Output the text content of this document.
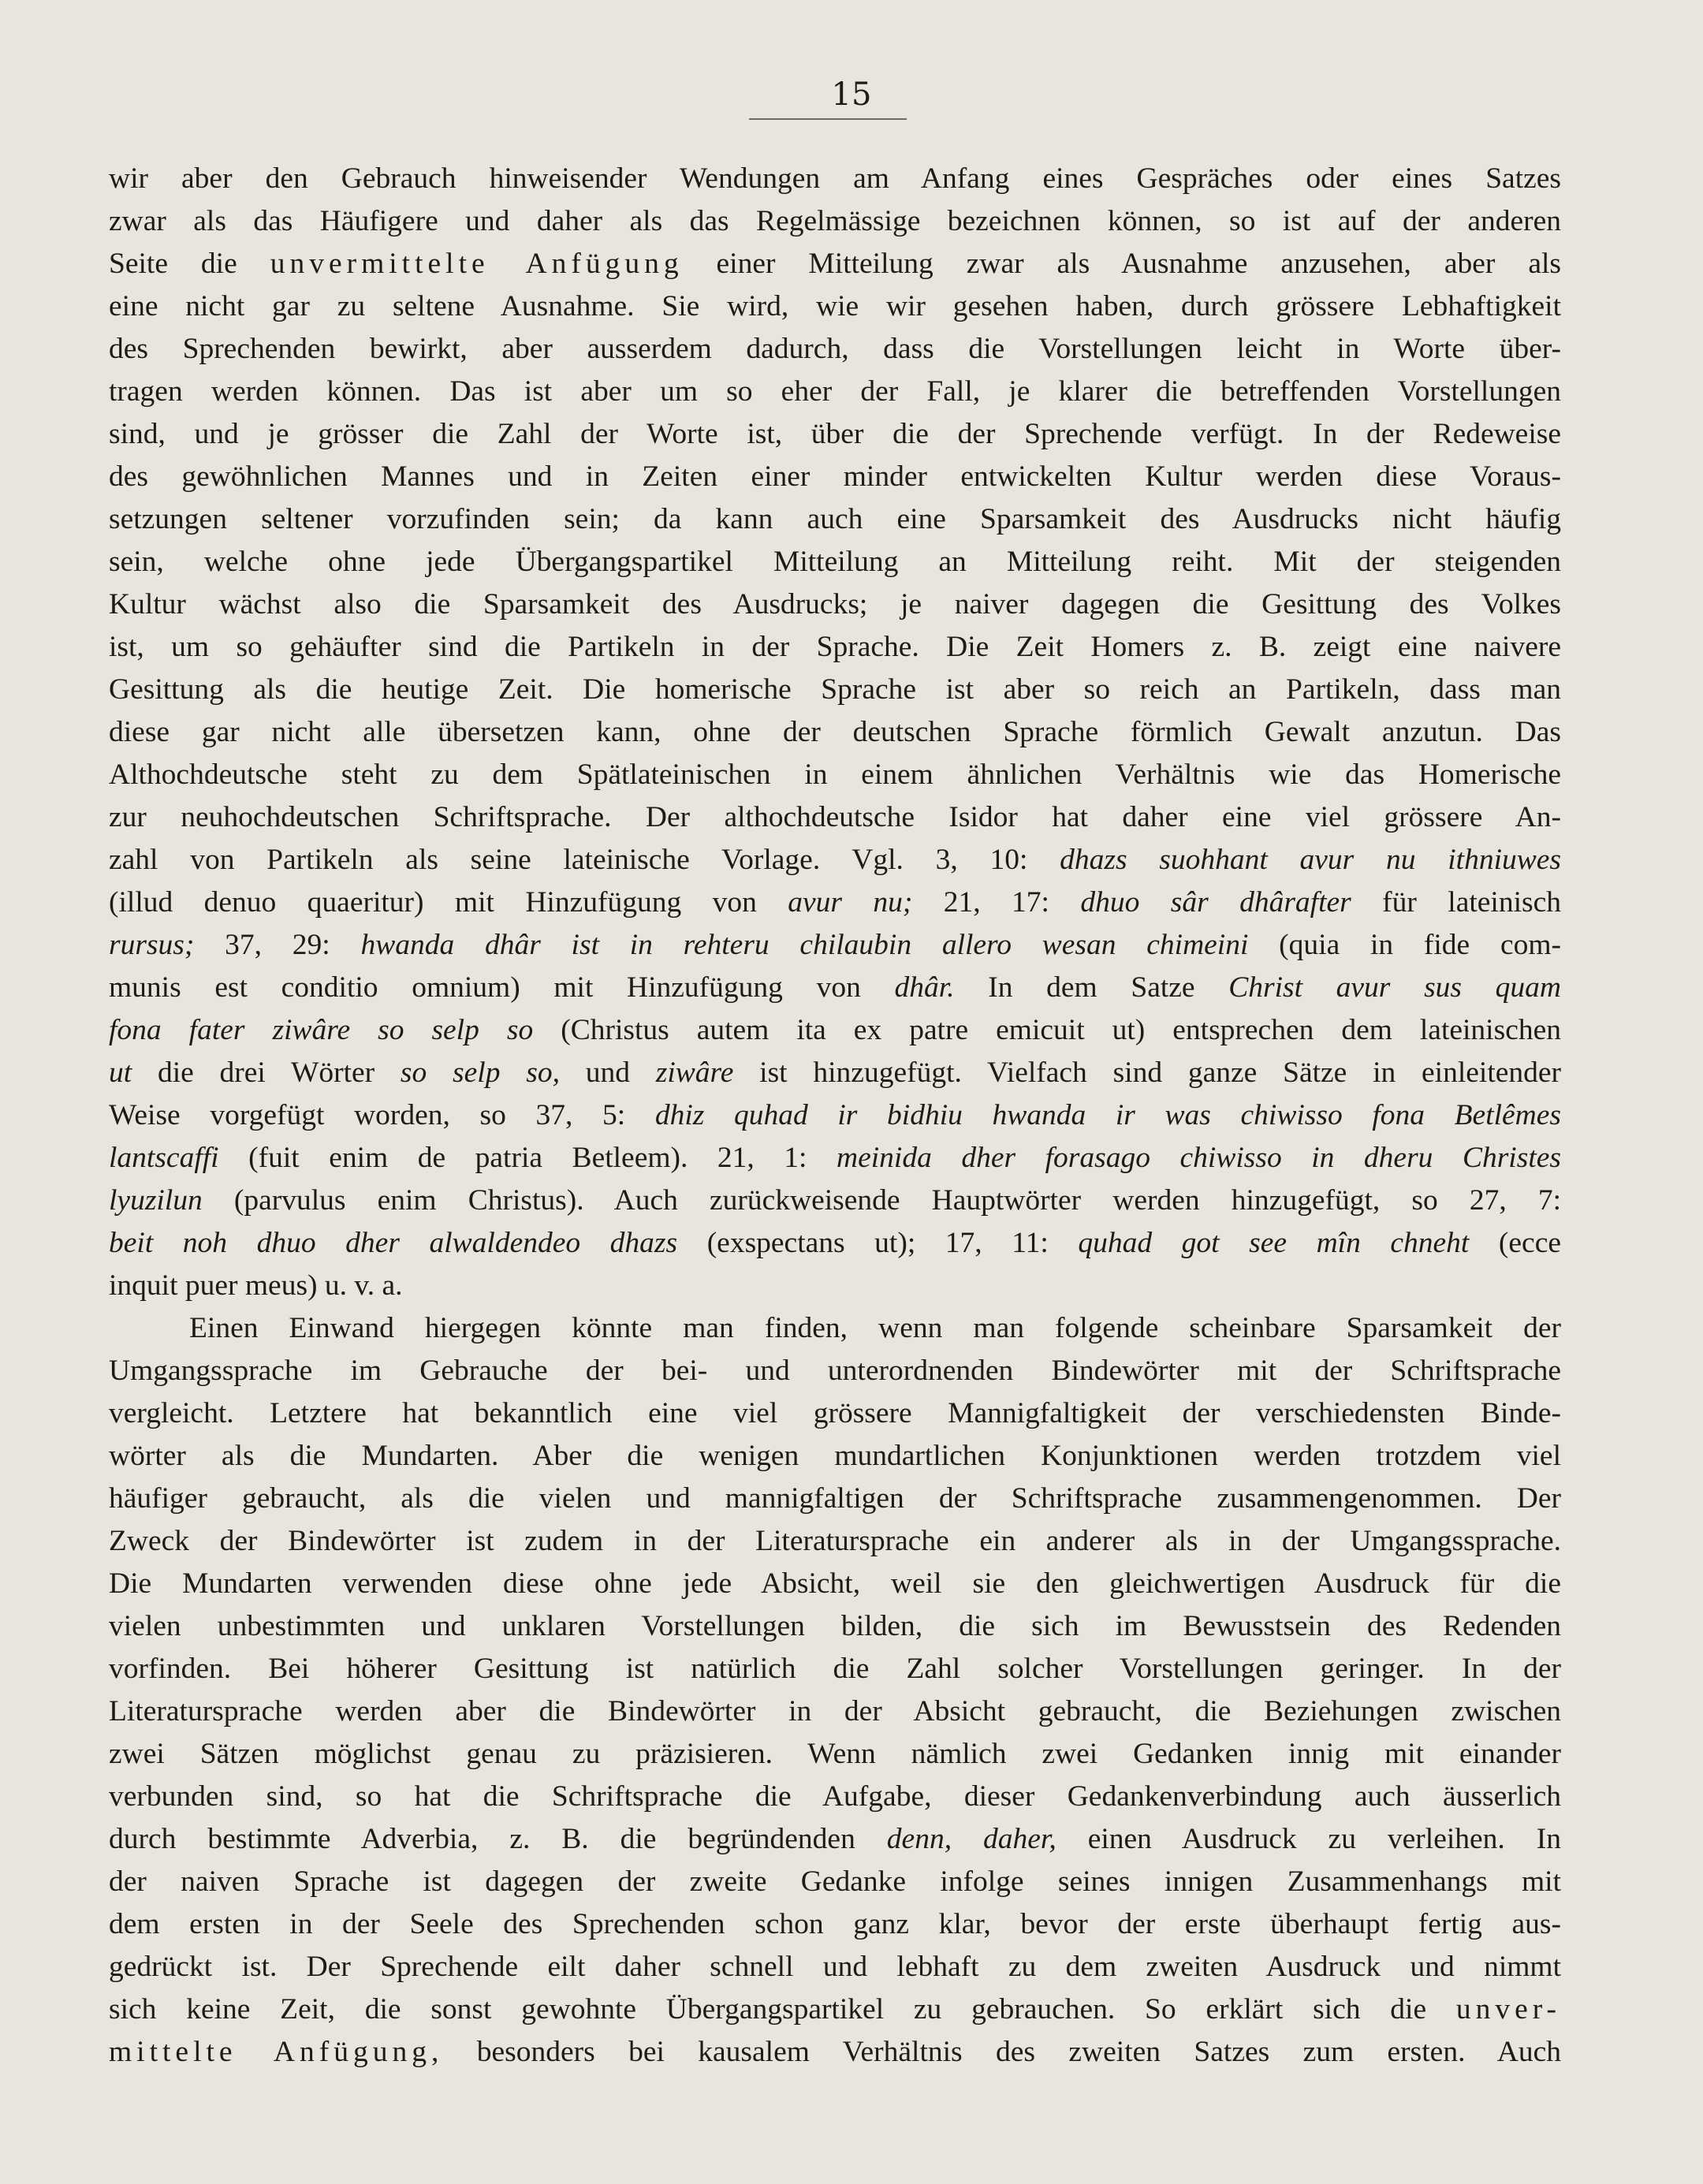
15
wir aber den Gebrauch hinweisender Wendungen am Anfang eines Gespräches oder eines Satzes
zwar als das Häufigere und daher als das Regelmässige bezeichnen können, so ist auf der anderen
Seite die unvermittelte Anfügung einer Mitteilung zwar als Ausnahme anzusehen, aber als
eine nicht gar zu seltene Ausnahme. Sie wird, wie wir gesehen haben, durch grössere Lebhaftigkeit
des Sprechenden bewirkt, aber ausserdem dadurch, dass die Vorstellungen leicht in Worte über-
tragen werden können. Das ist aber um so eher der Fall, je klarer die betreffenden Vorstellungen
sind, und je grösser die Zahl der Worte ist, über die der Sprechende verfügt. In der Redeweise
des gewöhnlichen Mannes und in Zeiten einer minder entwickelten Kultur werden diese Voraus-
setzungen seltener vorzufinden sein; da kann auch eine Sparsamkeit des Ausdrucks nicht häufig
sein, welche ohne jede Übergangspartikel Mitteilung an Mitteilung reiht. Mit der steigenden
Kultur wächst also die Sparsamkeit des Ausdrucks; je naiver dagegen die Gesittung des Volkes
ist, um so gehäufter sind die Partikeln in der Sprache. Die Zeit Homers z. B. zeigt eine naivere
Gesittung als die heutige Zeit. Die homerische Sprache ist aber so reich an Partikeln, dass man
diese gar nicht alle übersetzen kann, ohne der deutschen Sprache förmlich Gewalt anzutun. Das
Althochdeutsche steht zu dem Spätlateinischen in einem ähnlichen Verhältnis wie das Homerische
zur neuhochdeutschen Schriftsprache. Der althochdeutsche Isidor hat daher eine viel grössere An-
zahl von Partikeln als seine lateinische Vorlage. Vgl. 3, 10: dhazs suohhant avur nu ithniuwes
(illud denuo quaeritur) mit Hinzufügung von avur nu; 21, 17: dhuo sâr dhârafter für lateinisch
rursus; 37, 29: hwanda dhâr ist in rehteru chilaubin allero wesan chimeini (quia in fide com-
munis est conditio omnium) mit Hinzufügung von dhâr. In dem Satze Christ avur sus quam
fona fater ziwâre so selp so (Christus autem ita ex patre emicuit ut) entsprechen dem lateinischen
ut die drei Wörter so selp so, und ziwâre ist hinzugefügt. Vielfach sind ganze Sätze in einleitender
Weise vorgefügt worden, so 37, 5: dhiz quhad ir bidhiu hwanda ir was chiwisso fona Betlêmes
lantscaffi (fuit enim de patria Betleem). 21, 1: meinida dher forasago chiwisso in dheru Christes
lyuzilun (parvulus enim Christus). Auch zurückweisende Hauptwörter werden hinzugefügt, so 27, 7:
beit noh dhuo dher alwaldendeo dhazs (exspectans ut); 17, 11: quhad got see mîn chneht (ecce
inquit puer meus) u. v. a.
Einen Einwand hiergegen könnte man finden, wenn man folgende scheinbare Sparsamkeit der
Umgangssprache im Gebrauche der bei- und unterordnenden Bindewörter mit der Schriftsprache
vergleicht. Letztere hat bekanntlich eine viel grössere Mannigfaltigkeit der verschiedensten Binde-
wörter als die Mundarten. Aber die wenigen mundartlichen Konjunktionen werden trotzdem viel
häufiger gebraucht, als die vielen und mannigfaltigen der Schriftsprache zusammengenommen. Der
Zweck der Bindewörter ist zudem in der Literatursprache ein anderer als in der Umgangssprache.
Die Mundarten verwenden diese ohne jede Absicht, weil sie den gleichwertigen Ausdruck für die
vielen unbestimmten und unklaren Vorstellungen bilden, die sich im Bewusstsein des Redenden
vorfinden. Bei höherer Gesittung ist natürlich die Zahl solcher Vorstellungen geringer. In der
Literatursprache werden aber die Bindewörter in der Absicht gebraucht, die Beziehungen zwischen
zwei Sätzen möglichst genau zu präzisieren. Wenn nämlich zwei Gedanken innig mit einander
verbunden sind, so hat die Schriftsprache die Aufgabe, dieser Gedankenverbindung auch äusserlich
durch bestimmte Adverbia, z. B. die begründenden denn, daher, einen Ausdruck zu verleihen. In
der naiven Sprache ist dagegen der zweite Gedanke infolge seines innigen Zusammenhangs mit
dem ersten in der Seele des Sprechenden schon ganz klar, bevor der erste überhaupt fertig aus-
gedrückt ist. Der Sprechende eilt daher schnell und lebhaft zu dem zweiten Ausdruck und nimmt
sich keine Zeit, die sonst gewohnte Übergangspartikel zu gebrauchen. So erklärt sich die unver-
mittelte Anfügung, besonders bei kausalem Verhältnis des zweiten Satzes zum ersten. Auch
